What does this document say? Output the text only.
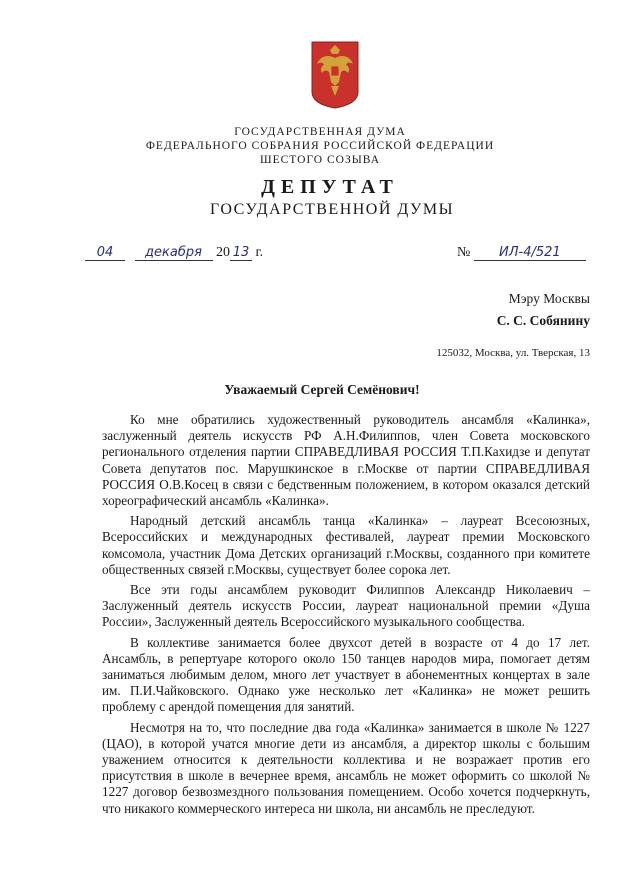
ГОСУДАРСТВЕННАЯ ДУМА
ФЕДЕРАЛЬНОГО СОБРАНИЯ РОССИЙСКОЙ ФЕДЕРАЦИИ
ШЕСТОГО СОЗЫВА
ДЕПУТАТ
ГОСУДАРСТВЕННОЙ ДУМЫ
04 декабря 20 13 г.	№ ИЛ-4/521
Мэру Москвы
С. С. Собянину
125032, Москва, ул. Тверская, 13
Уважаемый Сергей Семёнович!

Ко мне обратились художественный руководитель ансамбля «Калинка», заслуженный деятель искусств РФ А.Н.Филиппов, член Совета московского регионального отделения партии СПРАВЕДЛИВАЯ РОССИЯ Т.П.Кахидзе и депутат Совета депутатов пос. Марушкинское в г.Москве от партии СПРАВЕДЛИВАЯ РОССИЯ О.В.Косец в связи с бедственным положением, в котором оказался детский хореографический ансамбль «Калинка».

Народный детский ансамбль танца «Калинка» – лауреат Всесоюзных, Всероссийских и международных фестивалей, лауреат премии Московского комсомола, участник Дома Детских организаций г.Москвы, созданного при комитете общественных связей г.Москвы, существует более сорока лет.

Все эти годы ансамблем руководит Филиппов Александр Николаевич – Заслуженный деятель искусств России, лауреат национальной премии «Душа России», Заслуженный деятель Всероссийского музыкального сообщества.

В коллективе занимается более двухсот детей в возрасте от 4 до 17 лет. Ансамбль, в репертуаре которого около 150 танцев народов мира, помогает детям заниматься любимым делом, много лет участвует в абонементных концертах в зале им. П.И.Чайковского. Однако уже несколько лет «Калинка» не может решить проблему с арендой помещения для занятий.

Несмотря на то, что последние два года «Калинка» занимается в школе № 1227 (ЦАО), в которой учатся многие дети из ансамбля, а директор школы с большим уважением относится к деятельности коллектива и не возражает против его присутствия в школе в вечернее время, ансамбль не может оформить со школой № 1227 договор безвозмездного пользования помещением. Особо хочется подчеркнуть, что никакого коммерческого интереса ни школа, ни ансамбль не преследуют.
